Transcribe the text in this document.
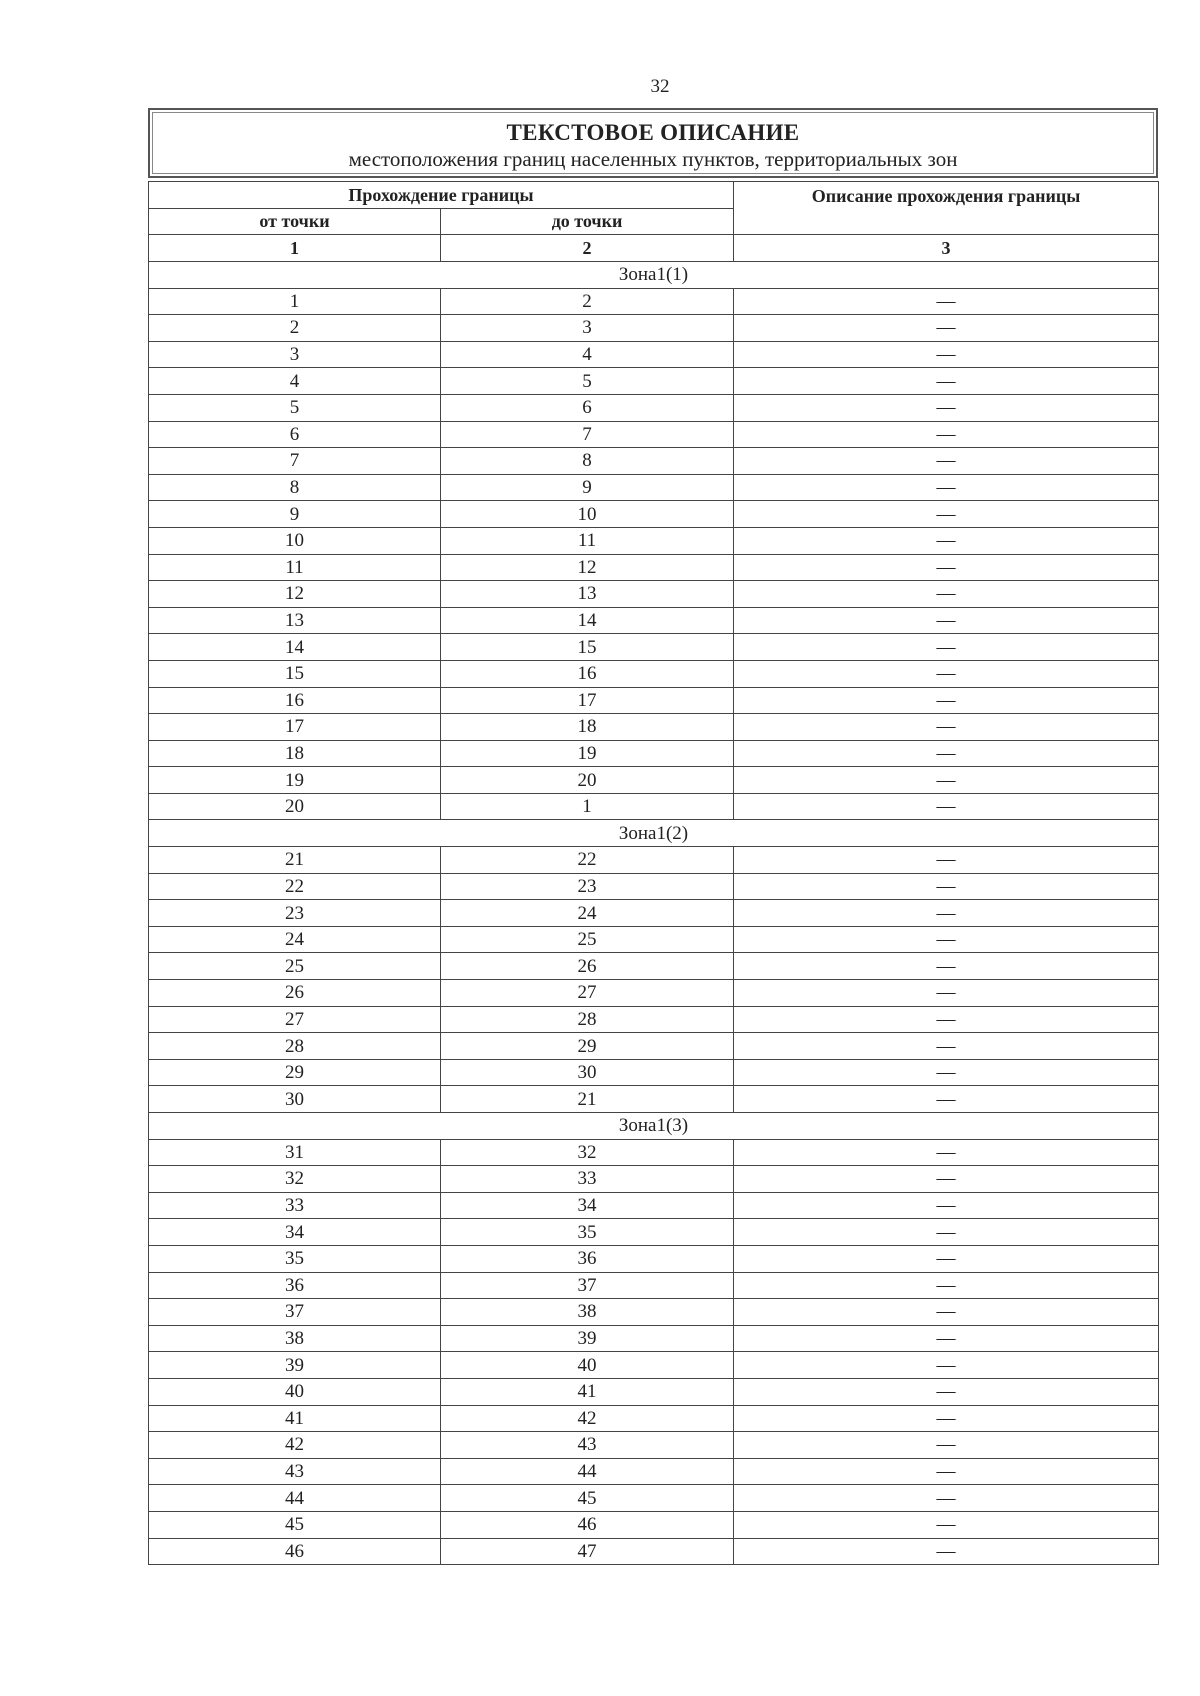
32
ТЕКСТОВОЕ ОПИСАНИЕ
местоположения границ населенных пунктов, территориальных зон
Прохождение границы		Описание прохождения границы
от точки	до точки	
1	2	3
Зона1(1)		
1	2	—
2	3	—
3	4	—
4	5	—
5	6	—
6	7	—
7	8	—
8	9	—
9	10	—
10	11	—
11	12	—
12	13	—
13	14	—
14	15	—
15	16	—
16	17	—
17	18	—
18	19	—
19	20	—
20	1	—
Зона1(2)		
21	22	—
22	23	—
23	24	—
24	25	—
25	26	—
26	27	—
27	28	—
28	29	—
29	30	—
30	21	—
Зона1(3)		
31	32	—
32	33	—
33	34	—
34	35	—
35	36	—
36	37	—
37	38	—
38	39	—
39	40	—
40	41	—
41	42	—
42	43	—
43	44	—
44	45	—
45	46	—
46	47	—
